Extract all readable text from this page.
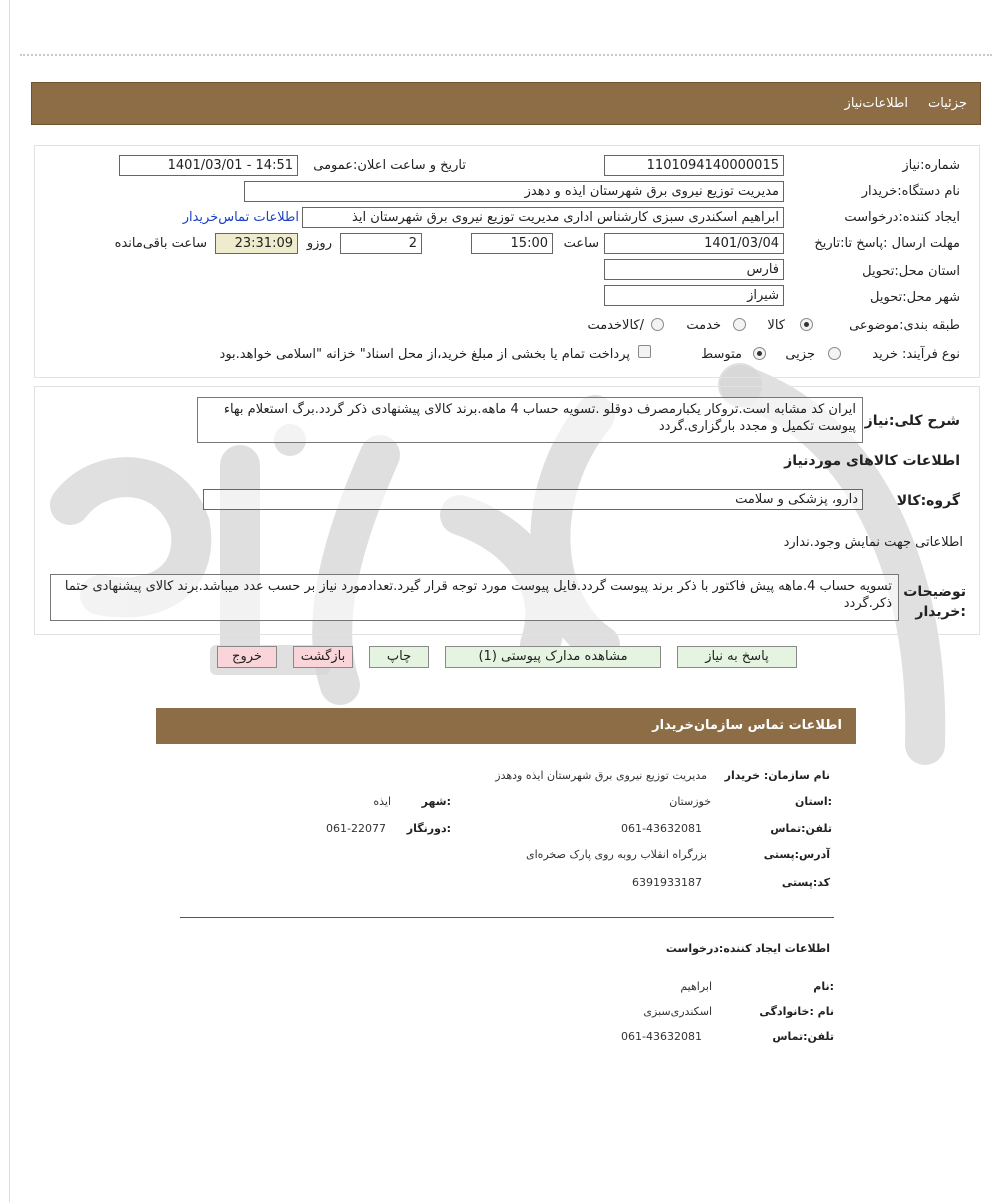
جزئیات
اطلاعات‌نیاز
شماره:نیاز
1101094140000015
تاریخ و ساعت اعلان:عمومی
1401/03/01 - 14:51
نام دستگاه:خریدار
مدیریت توزیع نیروی برق شهرستان ایذه و دهدز
ایجاد کننده:درخواست
ابراهیم اسکندری سبزی کارشناس اداری مدیریت توزیع نیروی برق شهرستان ایذ
اطلاعات تماس‌خریدار
مهلت ارسال :پاسخ تا:تاریخ
1401/03/04
ساعت
15:00
2
روزو
23:31:09
ساعت باقی‌مانده
استان محل:تحویل
فارس
شهر محل:تحویل
شیراز
طبقه بندی:موضوعی
کالا
خدمت
/کالاخدمت
نوع فرآیند: خرید
جزیی
متوسط
پرداخت تمام یا بخشی از مبلغ خرید،از محل اسناد" خزانه "اسلامی خواهد.بود
شرح کلی:نیاز
ایران کد مشابه است.تروکار یکبارمصرف دوقلو .تسویه حساب 4 ماهه.برند کالای پیشنهادی ذکر گردد.برگ استعلام بهاء پیوست تکمیل و مجدد بارگزاری.گردد
اطلاعات کالاهای مورد‌نیاز
گروه:کالا
دارو، پزشکی و سلامت
اطلاعاتی جهت نمایش وجود.ندارد
توضیحات :خریدار
تسویه حساب 4.ماهه پیش فاکتور با ذکر برند پیوست گردد.فایل پیوست مورد توجه قرار گیرد.تعدادمورد نیاز بر حسب عدد میباشد.برند کالای پیشنهادی حتما ذکر.گردد
پاسخ به نیاز
مشاهده مدارک پیوستی (1)
چاپ
بازگشت
خروج
اطلاعات تماس سازمان‌خریدار
نام سازمان: خریدار
مدیریت توزیع نیروی برق شهرستان ایذه ودهدز
:استان
خوزستان
:شهر
ایذه
تلفن:تماس
061-43632081
:دورنگار
061-22077
آدرس:پستی
بزرگراه انقلاب روبه روی پارک صخره‌ای
کد:پستی
6391933187
اطلاعات ایجاد کننده:درخواست
:نام
ابراهیم
نام :خانوادگی
اسکندری‌سبزی
تلفن:تماس
061-43632081
